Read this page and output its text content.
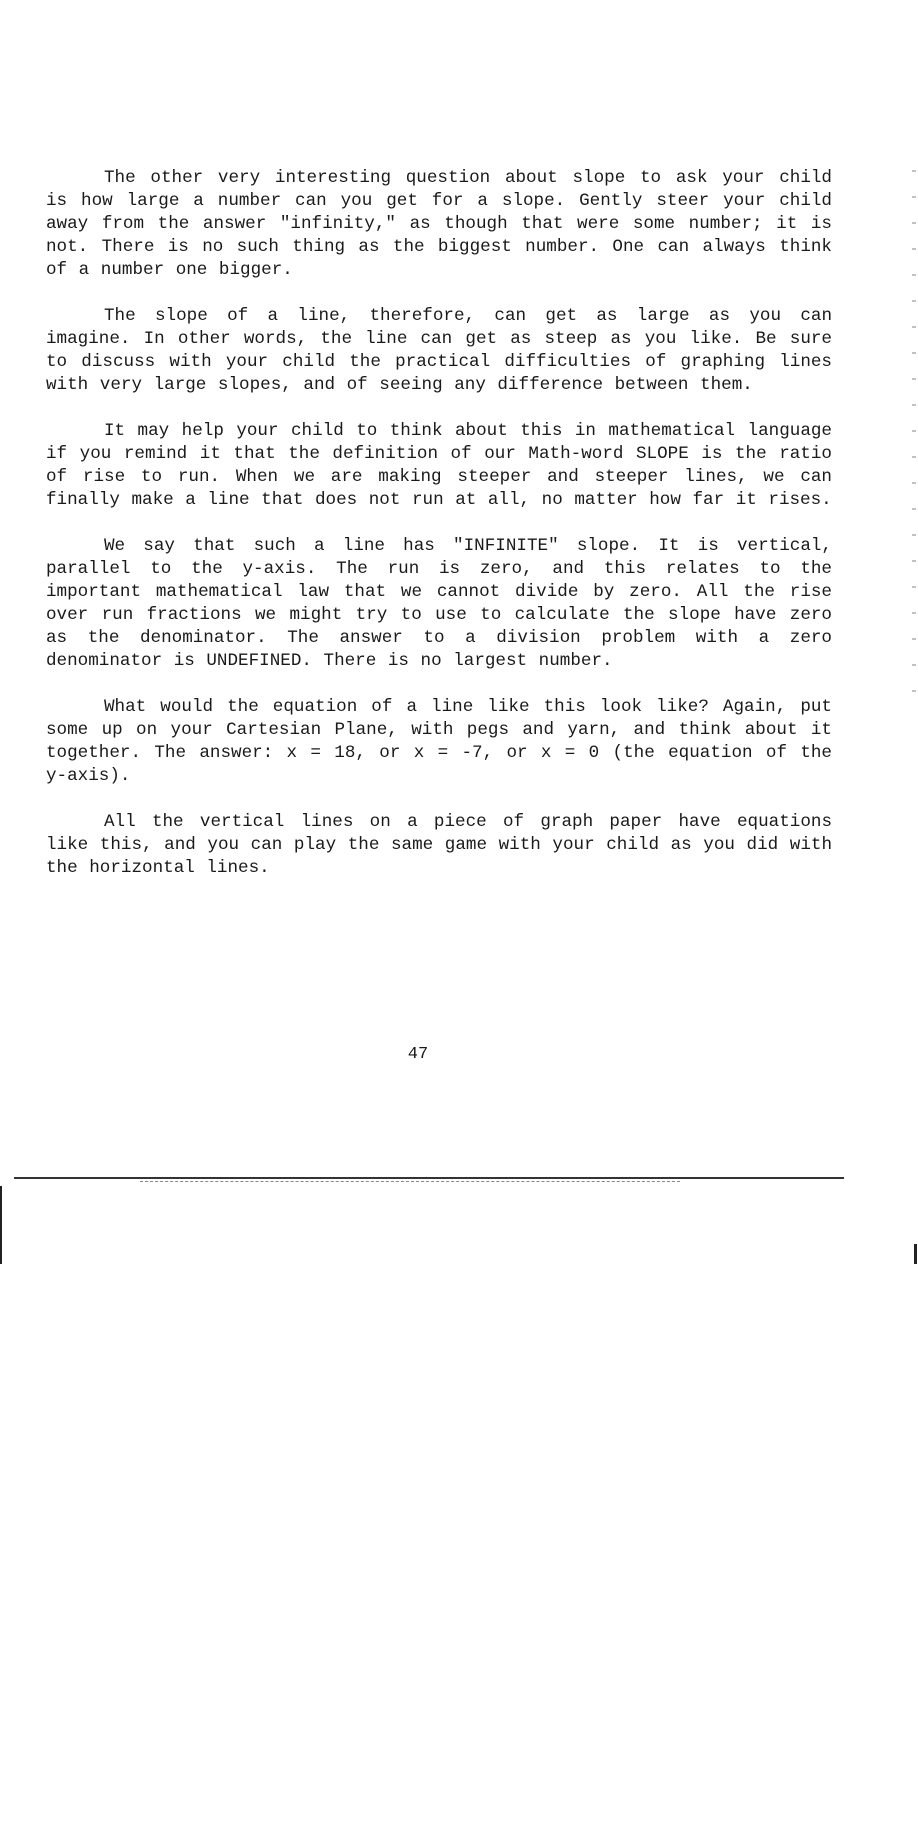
The other very interesting question about slope to ask your child is how large a number can you get for a slope. Gently steer your child away from the answer "infinity," as though that were some number; it is not. There is no such thing as the biggest number. One can always think of a number one bigger.

The slope of a line, therefore, can get as large as you can imagine. In other words, the line can get as steep as you like. Be sure to discuss with your child the practical difficulties of graphing lines with very large slopes, and of seeing any difference between them.

It may help your child to think about this in mathematical language if you remind it that the definition of our Math-word SLOPE is the ratio of rise to run. When we are making steeper and steeper lines, we can finally make a line that does not run at all, no matter how far it rises.

We say that such a line has "INFINITE" slope. It is vertical, parallel to the y-axis. The run is zero, and this relates to the important mathematical law that we cannot divide by zero. All the rise over run fractions we might try to use to calculate the slope have zero as the denominator. The answer to a division problem with a zero denominator is UNDEFINED. There is no largest number.

What would the equation of a line like this look like? Again, put some up on your Cartesian Plane, with pegs and yarn, and think about it together. The answer: x = 18, or x = -7, or x = 0 (the equation of the y-axis).

All the vertical lines on a piece of graph paper have equations like this, and you can play the same game with your child as you did with the horizontal lines.

47
